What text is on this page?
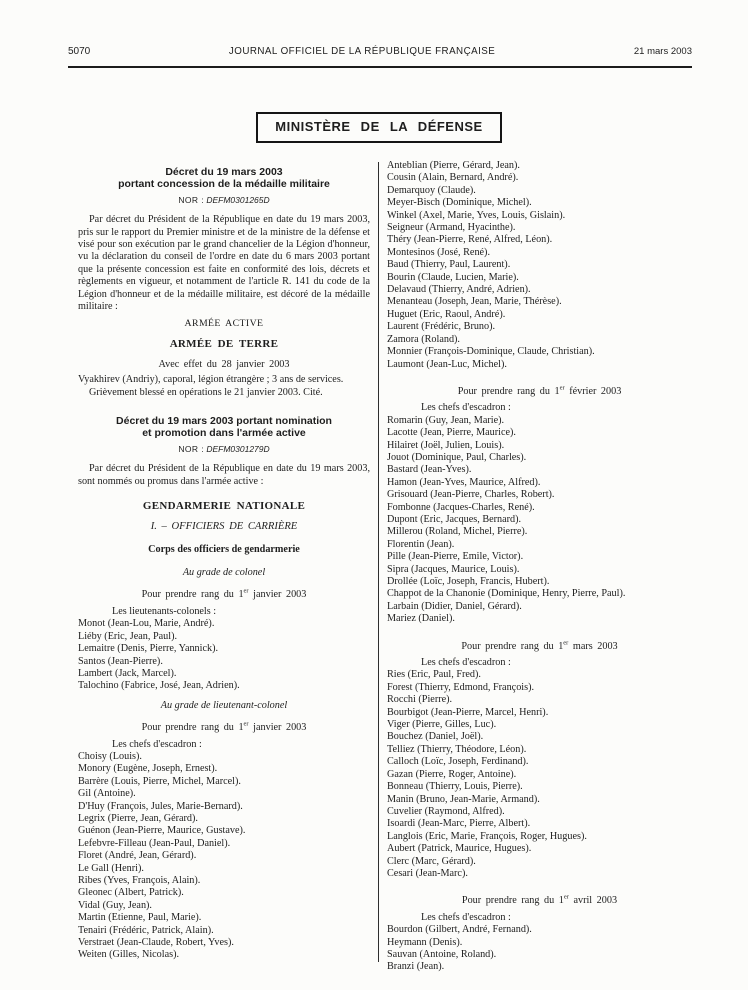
5070	JOURNAL OFFICIEL DE LA RÉPUBLIQUE FRANÇAISE	21 mars 2003
MINISTÈRE DE LA DÉFENSE
Décret du 19 mars 2003
portant concession de la médaille militaire
NOR : DEFM0301265D

Par décret du Président de la République en date du 19 mars 2003, pris sur le rapport du Premier ministre et de la ministre de la défense et visé pour son exécution par le grand chancelier de la Légion d'honneur, vu la déclaration du conseil de l'ordre en date du 6 mars 2003 portant que la présente concession est faite en conformité des lois, décrets et règlements en vigueur, et notamment de l'article R. 141 du code de la Légion d'honneur et de la médaille militaire, est décoré de la médaille militaire :

ARMÉE ACTIVE
ARMÉE DE TERRE
Avec effet du 28 janvier 2003

Vyakhirev (Andriy), caporal, légion étrangère ; 3 ans de services. Grièvement blessé en opérations le 21 janvier 2003. Cité.

Décret du 19 mars 2003 portant nomination
et promotion dans l'armée active
NOR : DEFM0301279D

Par décret du Président de la République en date du 19 mars 2003, sont nommés ou promus dans l'armée active :

GENDARMERIE NATIONALE
I. – OFFICIERS DE CARRIÈRE
Corps des officiers de gendarmerie
Au grade de colonel
Pour prendre rang du 1er janvier 2003
Les lieutenants-colonels :
Monot (Jean-Lou, Marie, André).
Liéby (Eric, Jean, Paul).
Lemaitre (Denis, Pierre, Yannick).
Santos (Jean-Pierre).
Lambert (Jack, Marcel).
Talochino (Fabrice, José, Jean, Adrien).
Au grade de lieutenant-colonel
Pour prendre rang du 1er janvier 2003
Les chefs d'escadron :
Choisy (Louis).
Monory (Eugène, Joseph, Ernest).
Barrère (Louis, Pierre, Michel, Marcel).
Gil (Antoine).
D'Huy (François, Jules, Marie-Bernard).
Legrix (Pierre, Jean, Gérard).
Guénon (Jean-Pierre, Maurice, Gustave).
Lefebvre-Filleau (Jean-Paul, Daniel).
Floret (André, Jean, Gérard).
Le Gall (Henri).
Ribes (Yves, François, Alain).
Gleonec (Albert, Patrick).
Vidal (Guy, Jean).
Martin (Etienne, Paul, Marie).
Tenairi (Frédéric, Patrick, Alain).
Verstraet (Jean-Claude, Robert, Yves).
Weiten (Gilles, Nicolas).
Anteblian (Pierre, Gérard, Jean).
Cousin (Alain, Bernard, André).
Demarquoy (Claude).
Meyer-Bisch (Dominique, Michel).
Winkel (Axel, Marie, Yves, Louis, Gislain).
Seigneur (Armand, Hyacinthe).
Théry (Jean-Pierre, René, Alfred, Léon).
Montesinos (José, René).
Baud (Thierry, Paul, Laurent).
Bourin (Claude, Lucien, Marie).
Delavaud (Thierry, André, Adrien).
Menanteau (Joseph, Jean, Marie, Thérèse).
Huguet (Eric, Raoul, André).
Laurent (Frédéric, Bruno).
Zamora (Roland).
Monnier (François-Dominique, Claude, Christian).
Laumont (Jean-Luc, Michel).
Pour prendre rang du 1er février 2003
Les chefs d'escadron :
Romarin (Guy, Jean, Marie).
Lacotte (Jean, Pierre, Maurice).
Hilairet (Joël, Julien, Louis).
Jouot (Dominique, Paul, Charles).
Bastard (Jean-Yves).
Hamon (Jean-Yves, Maurice, Alfred).
Grisouard (Jean-Pierre, Charles, Robert).
Fombonne (Jacques-Charles, René).
Dupont (Eric, Jacques, Bernard).
Millerou (Roland, Michel, Pierre).
Florentin (Jean).
Pille (Jean-Pierre, Emile, Victor).
Sipra (Jacques, Maurice, Louis).
Drollée (Loïc, Joseph, Francis, Hubert).
Chappot de la Chanonie (Dominique, Henry, Pierre, Paul).
Larbain (Didier, Daniel, Gérard).
Mariez (Daniel).
Pour prendre rang du 1er mars 2003
Les chefs d'escadron :
Ries (Eric, Paul, Fred).
Forest (Thierry, Edmond, François).
Rocchi (Pierre).
Bourbigot (Jean-Pierre, Marcel, Henri).
Viger (Pierre, Gilles, Luc).
Bouchez (Daniel, Joël).
Telliez (Thierry, Théodore, Léon).
Calloch (Loïc, Joseph, Ferdinand).
Gazan (Pierre, Roger, Antoine).
Bonneau (Thierry, Louis, Pierre).
Manin (Bruno, Jean-Marie, Armand).
Cuvelier (Raymond, Alfred).
Isoardi (Jean-Marc, Pierre, Albert).
Langlois (Eric, Marie, François, Roger, Hugues).
Aubert (Patrick, Maurice, Hugues).
Clerc (Marc, Gérard).
Cesari (Jean-Marc).
Pour prendre rang du 1er avril 2003
Les chefs d'escadron :
Bourdon (Gilbert, André, Fernand).
Heymann (Denis).
Sauvan (Antoine, Roland).
Branzi (Jean).
